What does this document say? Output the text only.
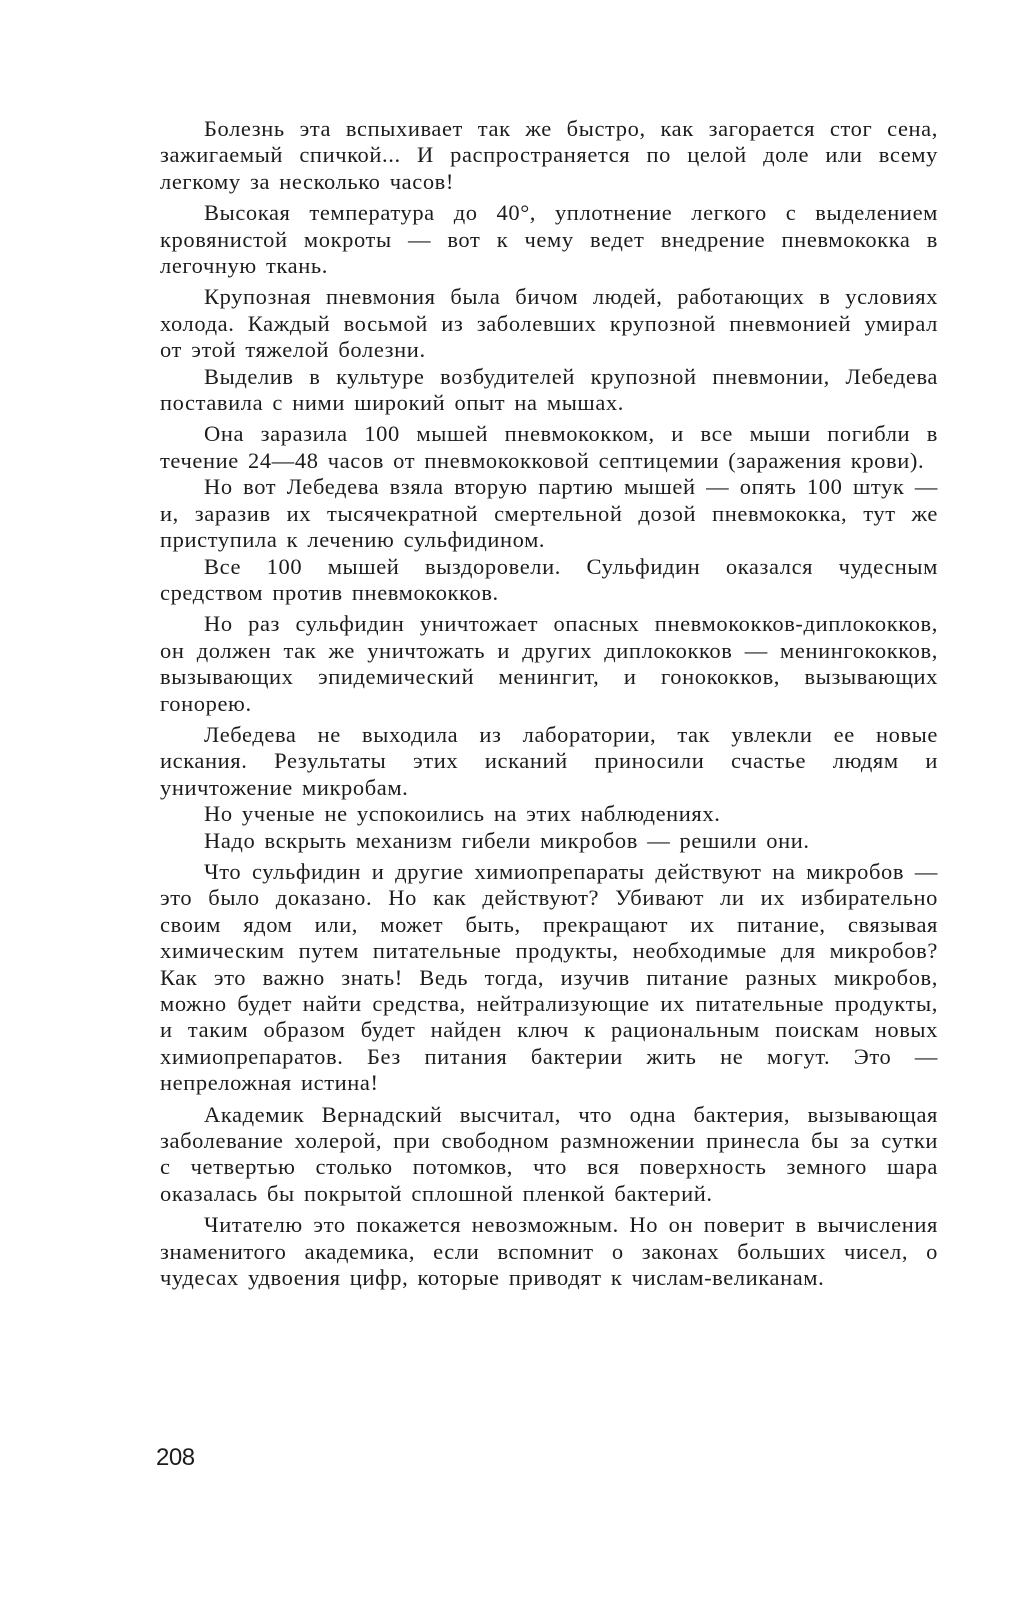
Болезнь эта вспыхивает так же быстро, как загорается стог сена, зажигаемый спичкой... И распространяется по целой доле или всему легкому за несколько часов!

Высокая температура до 40°, уплотнение легкого с выделением кровянистой мокроты — вот к чему ведет внедрение пневмококка в легочную ткань.

Крупозная пневмония была бичом людей, работающих в условиях холода. Каждый восьмой из заболевших крупозной пневмонией умирал от этой тяжелой болезни.

Выделив в культуре возбудителей крупозной пневмонии, Лебедева поставила с ними широкий опыт на мышах.

Она заразила 100 мышей пневмококком, и все мыши погибли в течение 24—48 часов от пневмококковой септицемии (заражения крови).

Но вот Лебедева взяла вторую партию мышей — опять 100 штук — и, заразив их тысячекратной смертельной дозой пневмококка, тут же приступила к лечению сульфидином.

Все 100 мышей выздоровели. Сульфидин оказался чудесным средством против пневмококков.

Но раз сульфидин уничтожает опасных пневмококков-диплококков, он должен так же уничтожать и других диплококков — менингококков, вызывающих эпидемический менингит, и гонококков, вызывающих гонорею.

Лебедева не выходила из лаборатории, так увлекли ее новые искания. Результаты этих исканий приносили счастье людям и уничтожение микробам.

Но ученые не успокоились на этих наблюдениях.

Надо вскрыть механизм гибели микробов — решили они.

Что сульфидин и другие химиопрепараты действуют на микробов — это было доказано. Но как действуют? Убивают ли их избирательно своим ядом или, может быть, прекращают их питание, связывая химическим путем питательные продукты, необходимые для микробов? Как это важно знать! Ведь тогда, изучив питание разных микробов, можно будет найти средства, нейтрализующие их питательные продукты, и таким образом будет найден ключ к рациональным поискам новых химиопрепаратов. Без питания бактерии жить не могут. Это — непреложная истина!

Академик Вернадский высчитал, что одна бактерия, вызывающая заболевание холерой, при свободном размножении принесла бы за сутки с четвертью столько потомков, что вся поверхность земного шара оказалась бы покрытой сплошной пленкой бактерий.

Читателю это покажется невозможным. Но он поверит в вычисления знаменитого академика, если вспомнит о законах больших чисел, о чудесах удвоения цифр, которые приводят к числам-великанам.

208
